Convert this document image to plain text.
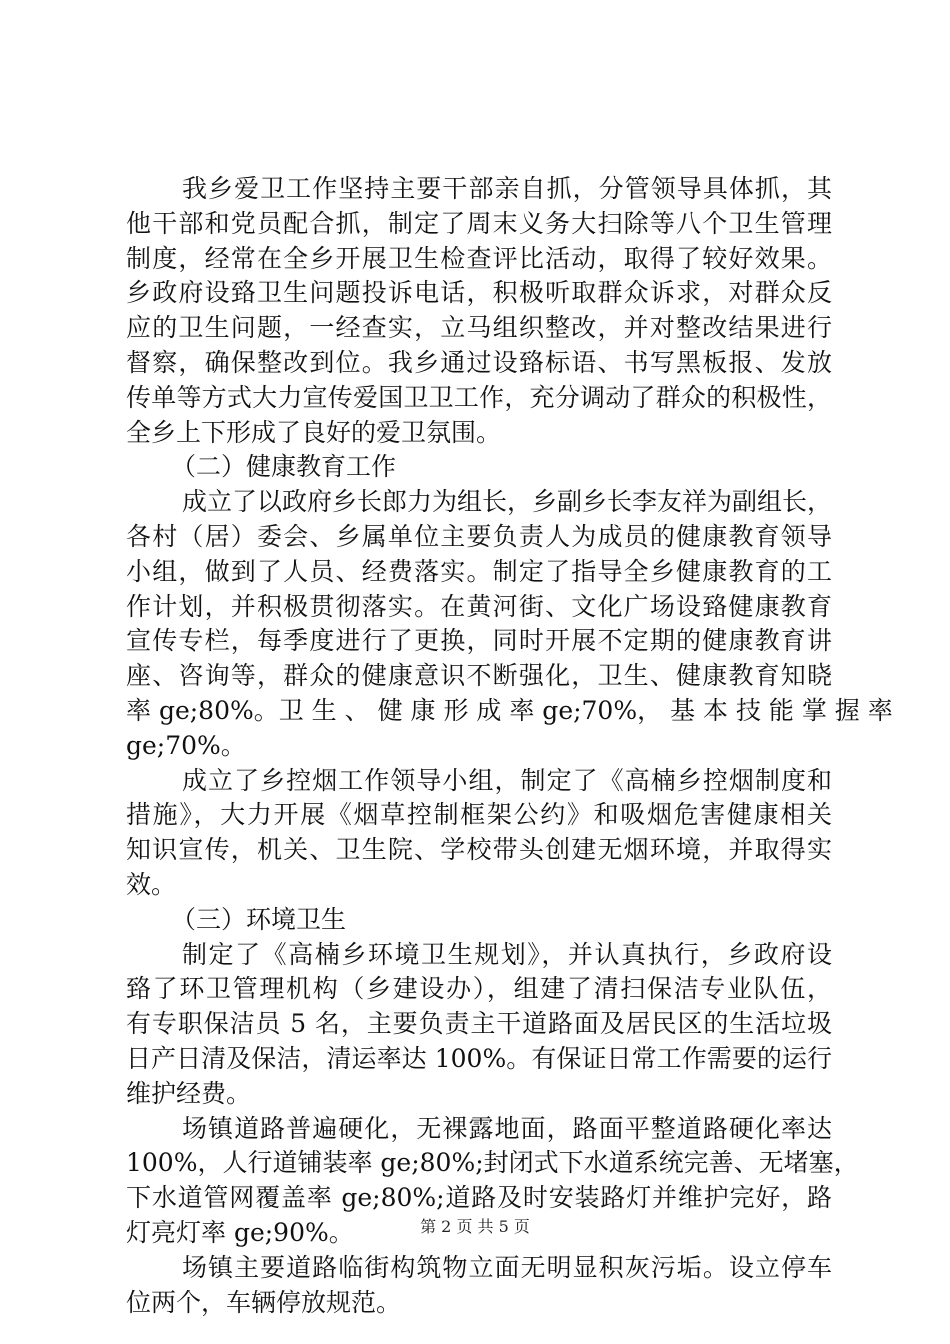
我乡爱卫工作坚持主要干部亲自抓，分管领导具体抓，其
他干部和党员配合抓，制定了周末义务大扫除等八个卫生管理
制度，经常在全乡开展卫生检查评比活动，取得了较好效果。
乡政府设臵卫生问题投诉电话，积极听取群众诉求，对群众反
应的卫生问题，一经查实，立马组织整改，并对整改结果进行
督察，确保整改到位。我乡通过设臵标语、书写黑板报、发放
传单等方式大力宣传爱国卫卫工作，充分调动了群众的积极性，
全乡上下形成了良好的爱卫氛围。
（二）健康教育工作
成立了以政府乡长郎力为组长，乡副乡长李友祥为副组长，
各村（居）委会、乡属单位主要负责人为成员的健康教育领导
小组，做到了人员、经费落实。制定了指导全乡健康教育的工
作计划，并积极贯彻落实。在黄河街、文化广场设臵健康教育
宣传专栏，每季度进行了更换，同时开展不定期的健康教育讲
座、咨询等，群众的健康意识不断强化，卫生、健康教育知晓
率 ge;80%。卫 生 、 健 康 形 成 率 ge;70%， 基 本 技 能 掌 握 率
ge;70%。
成立了乡控烟工作领导小组，制定了《高楠乡控烟制度和
措施》，大力开展《烟草控制框架公约》和吸烟危害健康相关
知识宣传，机关、卫生院、学校带头创建无烟环境，并取得实
效。
（三）环境卫生
制定了《高楠乡环境卫生规划》，并认真执行，乡政府设
臵了环卫管理机构（乡建设办），组建了清扫保洁专业队伍，
有专职保洁员 5 名，主要负责主干道路面及居民区的生活垃圾
日产日清及保洁，清运率达 100%。有保证日常工作需要的运行
维护经费。
场镇道路普遍硬化，无裸露地面，路面平整道路硬化率达
100%，人行道铺装率 ge;80%;封闭式下水道系统完善、无堵塞，
下水道管网覆盖率 ge;80%;道路及时安装路灯并维护完好，路
灯亮灯率 ge;90%。
场镇主要道路临街构筑物立面无明显积灰污垢。设立停车
位两个，车辆停放规范。
第 2 页 共 5 页
